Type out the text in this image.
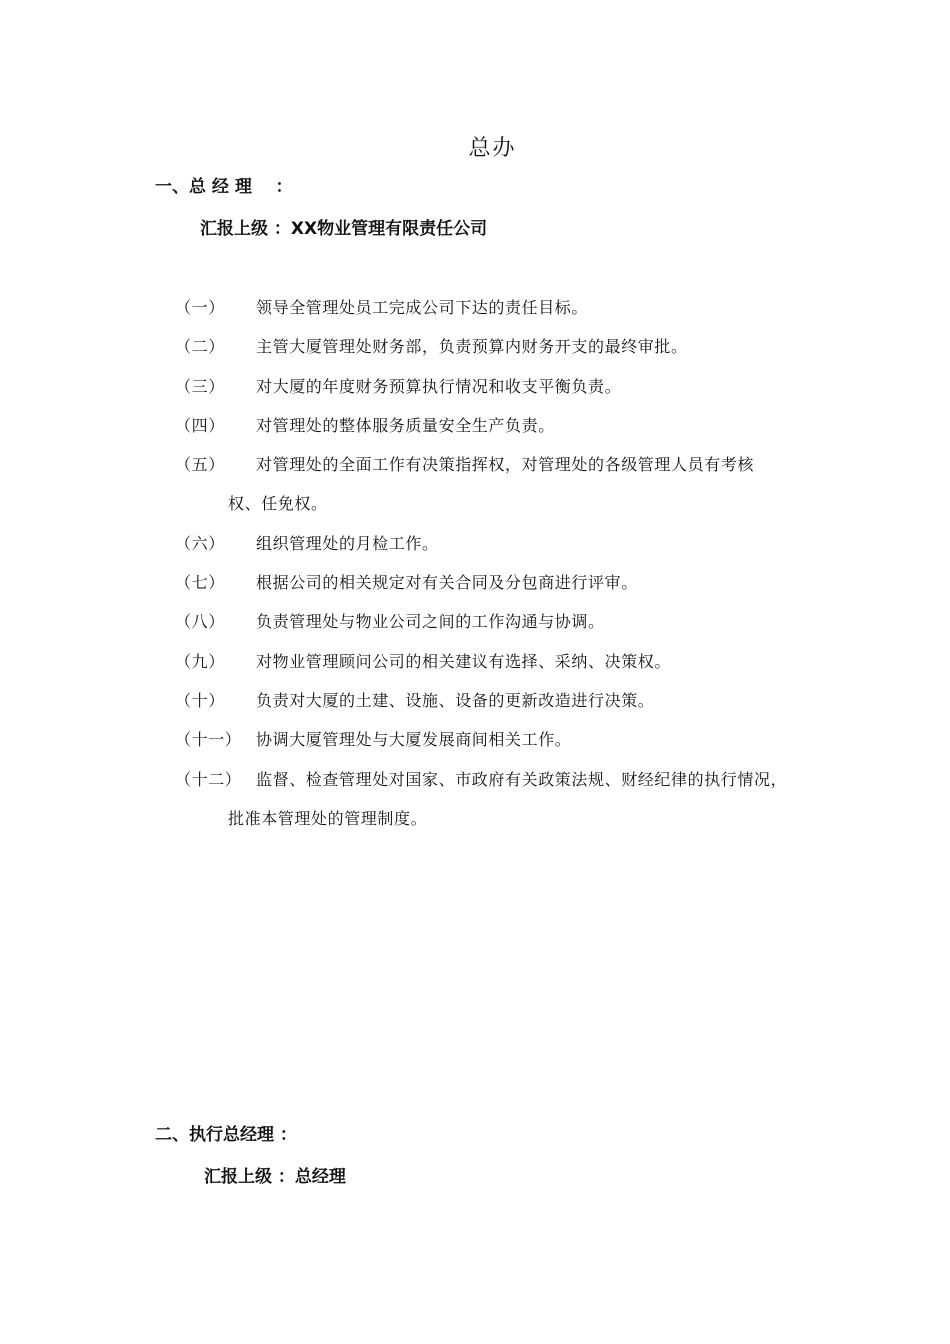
总办
一、总 经 理    ：
汇报上级 ：XX物业管理有限责任公司
（一） 领导全管理处员工完成公司下达的责任目标。
（二） 主管大厦管理处财务部，负责预算内财务开支的最终审批。
（三） 对大厦的年度财务预算执行情况和收支平衡负责。
（四） 对管理处的整体服务质量安全生产负责。
（五） 对管理处的全面工作有决策指挥权，对管理处的各级管理人员有考核
权、任免权。
（六） 组织管理处的月检工作。
（七） 根据公司的相关规定对有关合同及分包商进行评审。
（八） 负责管理处与物业公司之间的工作沟通与协调。
（九） 对物业管理顾问公司的相关建议有选择、采纳、决策权。
（十） 负责对大厦的土建、设施、设备的更新改造进行决策。
（十一） 协调大厦管理处与大厦发展商间相关工作。
（十二） 监督、检查管理处对国家、市政府有关政策法规、财经纪律的执行情况，
批准本管理处的管理制度。
二、执行总经理 ：
汇报上级 ：总经理
